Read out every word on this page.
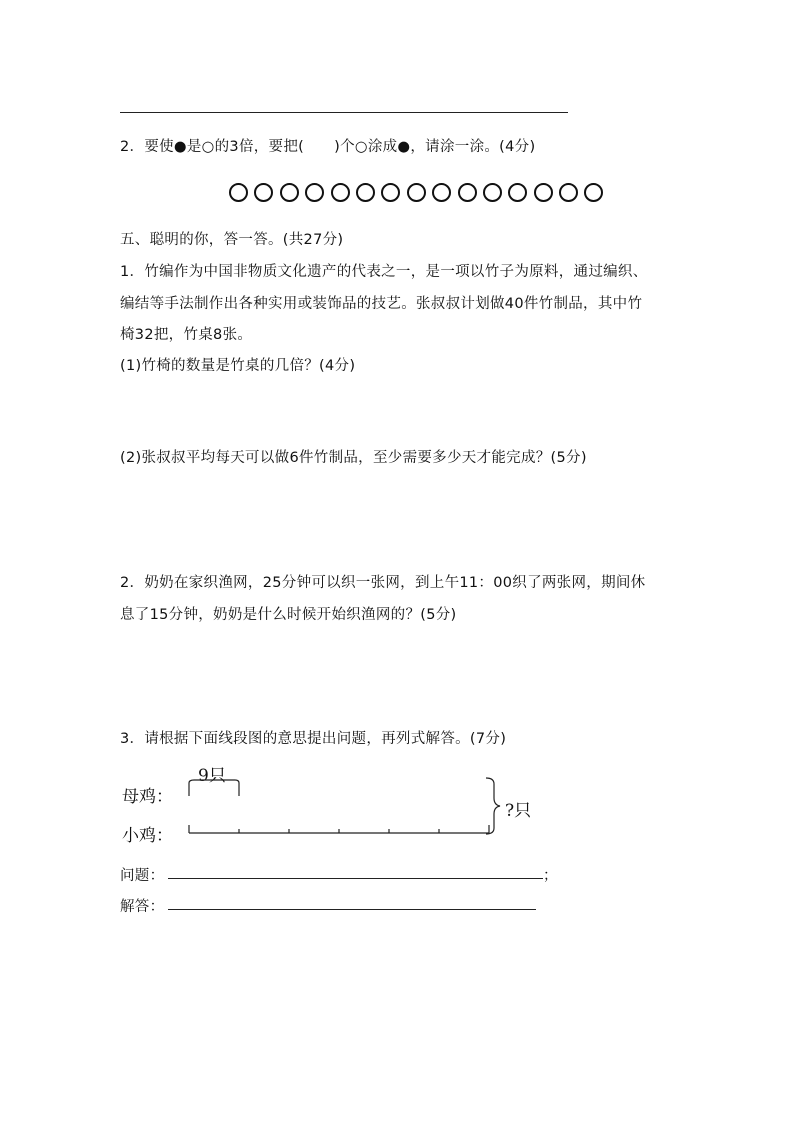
2．要使●是○的3倍，要把( )个○涂成●，请涂一涂。(4分)
五、聪明的你，答一答。(共27分)
1．竹编作为中国非物质文化遗产的代表之一，是一项以竹子为原料，通过编织、
编结等手法制作出各种实用或装饰品的技艺。张叔叔计划做40件竹制品，其中竹
椅32把，竹桌8张。
(1)竹椅的数量是竹桌的几倍？(4分)
(2)张叔叔平均每天可以做6件竹制品，至少需要多少天才能完成？(5分)
2．奶奶在家织渔网，25分钟可以织一张网，到上午11：00织了两张网，期间休
息了15分钟，奶奶是什么时候开始织渔网的？(5分)
3．请根据下面线段图的意思提出问题，再列式解答。(7分)
母鸡：
小鸡：
9只
?只
问题：	；
解答：
